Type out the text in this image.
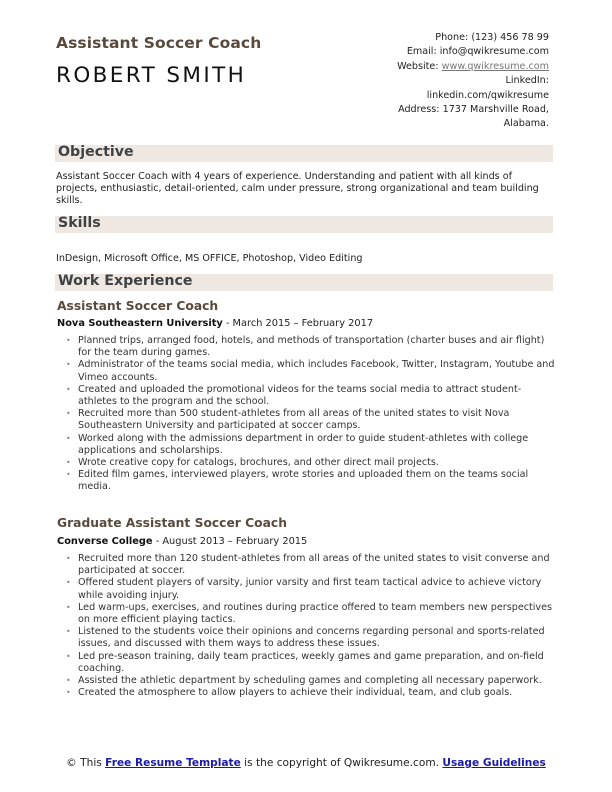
Assistant Soccer Coach
ROBERT SMITH
Phone: (123) 456 78 99
Email: info@qwikresume.com
Website: www.qwikresume.com
LinkedIn:
linkedin.com/qwikresume
Address: 1737 Marshville Road,
Alabama.
Objective
Assistant Soccer Coach with 4 years of experience. Understanding and patient with all kinds of projects, enthusiastic, detail-oriented, calm under pressure, strong organizational and team building skills.
Skills
InDesign, Microsoft Office, MS OFFICE, Photoshop, Video Editing
Work Experience
Assistant Soccer Coach
Nova Southeastern University - March 2015 – February 2017
• Planned trips, arranged food, hotels, and methods of transportation (charter buses and air flight) for the team during games.
• Administrator of the teams social media, which includes Facebook, Twitter, Instagram, Youtube and Vimeo accounts.
• Created and uploaded the promotional videos for the teams social media to attract student-athletes to the program and the school.
• Recruited more than 500 student-athletes from all areas of the united states to visit Nova Southeastern University and participated at soccer camps.
• Worked along with the admissions department in order to guide student-athletes with college applications and scholarships.
• Wrote creative copy for catalogs, brochures, and other direct mail projects.
• Edited film games, interviewed players, wrote stories and uploaded them on the teams social media.
Graduate Assistant Soccer Coach
Converse College - August 2013 – February 2015
• Recruited more than 120 student-athletes from all areas of the united states to visit converse and participated at soccer.
• Offered student players of varsity, junior varsity and first team tactical advice to achieve victory while avoiding injury.
• Led warm-ups, exercises, and routines during practice offered to team members new perspectives on more efficient playing tactics.
• Listened to the students voice their opinions and concerns regarding personal and sports-related issues, and discussed with them ways to address these issues.
• Led pre-season training, daily team practices, weekly games and game preparation, and on-field coaching.
• Assisted the athletic department by scheduling games and completing all necessary paperwork.
• Created the atmosphere to allow players to achieve their individual, team, and club goals.
© This Free Resume Template is the copyright of Qwikresume.com. Usage Guidelines
